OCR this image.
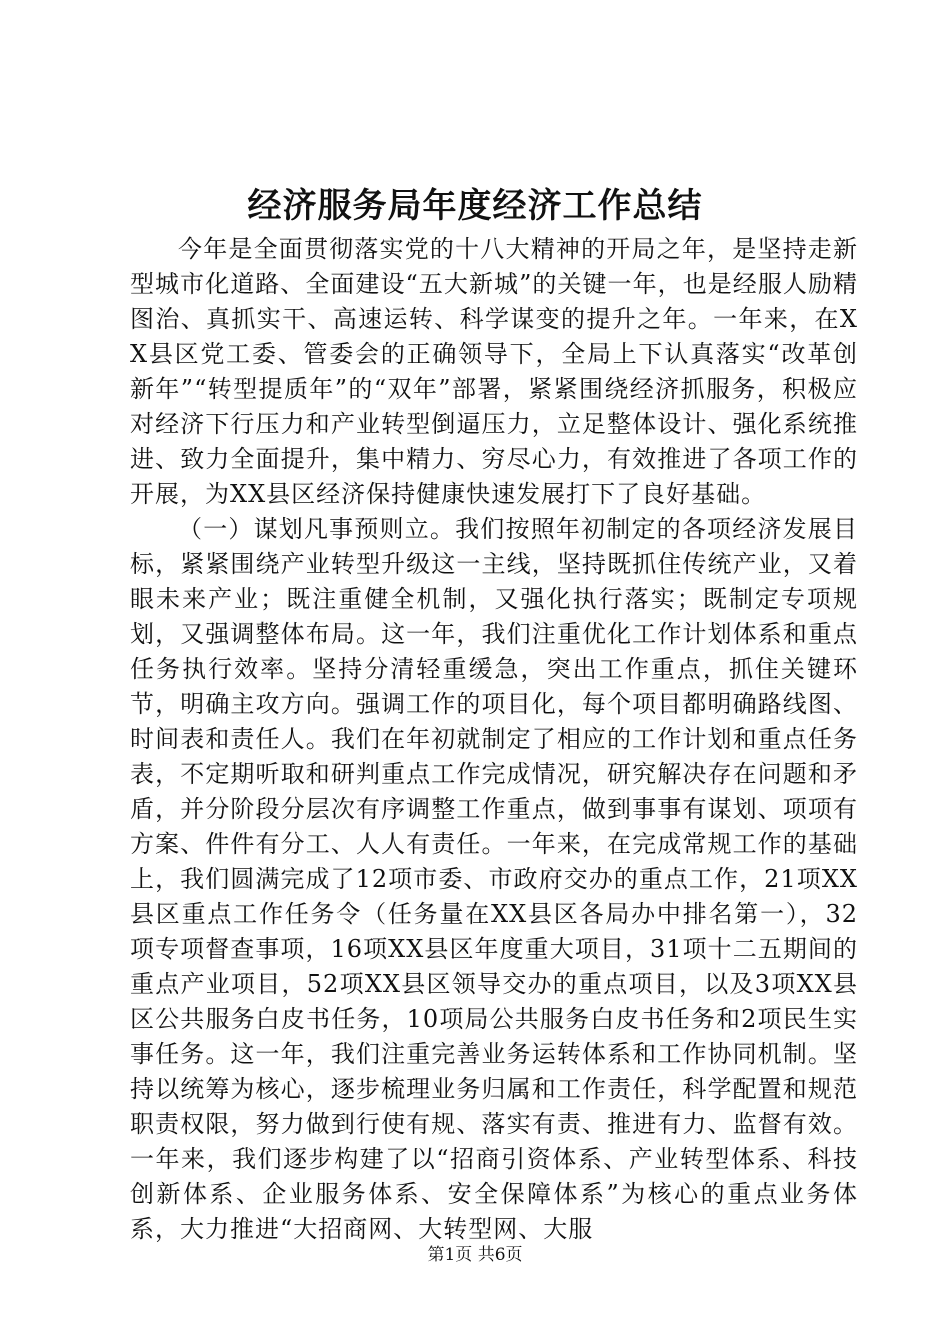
经济服务局年度经济工作总结

今年是全面贯彻落实党的十八大精神的开局之年，是坚持走新型城市化道路、全面建设“五大新城”的关键一年，也是经服人励精图治、真抓实干、高速运转、科学谋变的提升之年。一年来，在XX县区党工委、管委会的正确领导下，全局上下认真落实“改革创新年”“转型提质年”的“双年”部署，紧紧围绕经济抓服务，积极应对经济下行压力和产业转型倒逼压力，立足整体设计、强化系统推进、致力全面提升，集中精力、穷尽心力，有效推进了各项工作的开展，为XX县区经济保持健康快速发展打下了良好基础。

（一）谋划凡事预则立。我们按照年初制定的各项经济发展目标，紧紧围绕产业转型升级这一主线，坚持既抓住传统产业，又着眼未来产业；既注重健全机制，又强化执行落实；既制定专项规划，又强调整体布局。这一年，我们注重优化工作计划体系和重点任务执行效率。坚持分清轻重缓急，突出工作重点，抓住关键环节，明确主攻方向。强调工作的项目化，每个项目都明确路线图、时间表和责任人。我们在年初就制定了相应的工作计划和重点任务表，不定期听取和研判重点工作完成情况，研究解决存在问题和矛盾，并分阶段分层次有序调整工作重点，做到事事有谋划、项项有方案、件件有分工、人人有责任。一年来，在完成常规工作的基础上，我们圆满完成了12项市委、市政府交办的重点工作，21项XX县区重点工作任务令（任务量在XX县区各局办中排名第一），32项专项督查事项，16项XX县区年度重大项目，31项十二五期间的重点产业项目，52项XX县区领导交办的重点项目，以及3项XX县区公共服务白皮书任务，10项局公共服务白皮书任务和2项民生实事任务。这一年，我们注重完善业务运转体系和工作协同机制。坚持以统筹为核心，逐步梳理业务归属和工作责任，科学配置和规范职责权限，努力做到行使有规、落实有责、推进有力、监督有效。一年来，我们逐步构建了以“招商引资体系、产业转型体系、科技创新体系、企业服务体系、安全保障体系”为核心的重点业务体系，大力推进“大招商网、大转型网、大服

第1页 共6页
